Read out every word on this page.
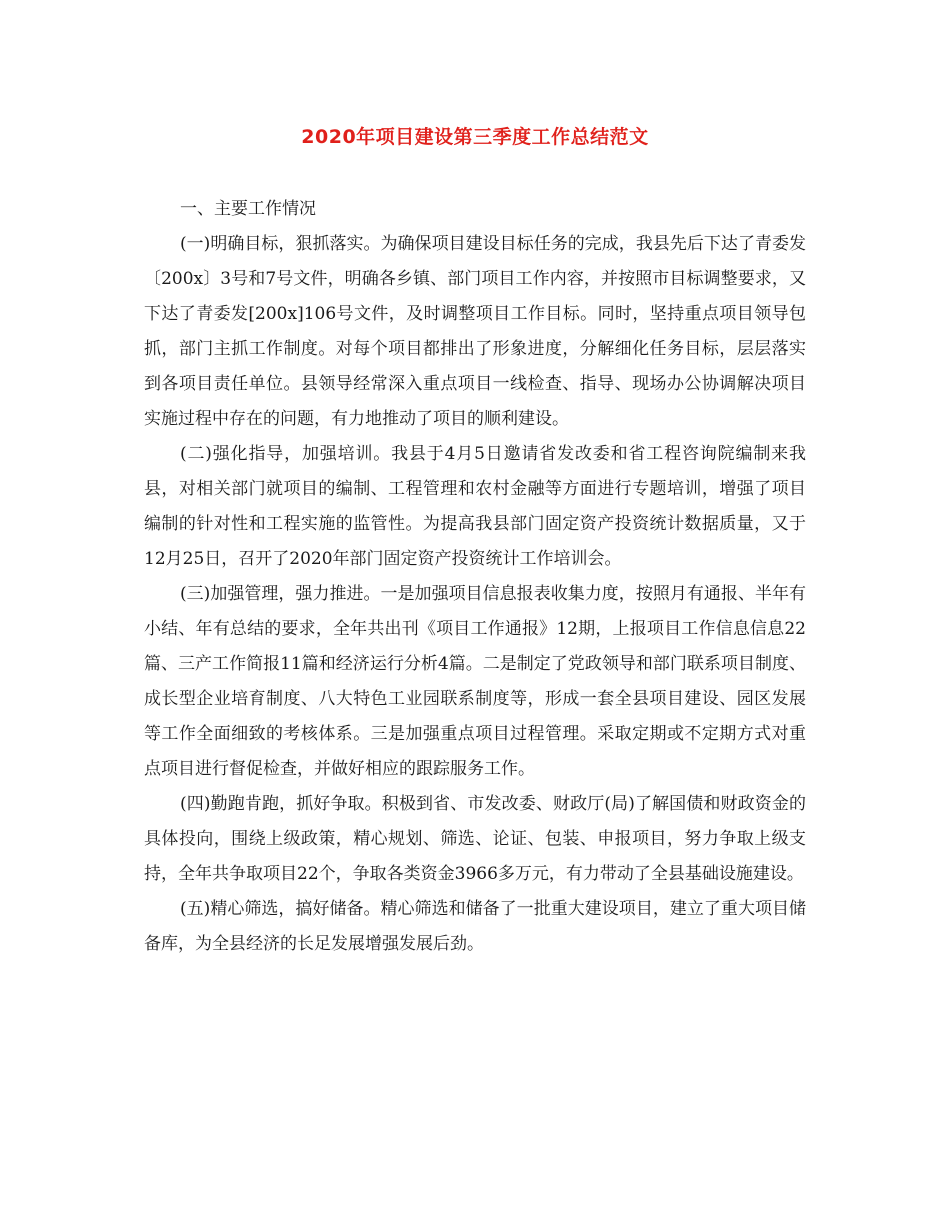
2020年项目建设第三季度工作总结范文

一、主要工作情况

(一)明确目标，狠抓落实。为确保项目建设目标任务的完成，我县先后下达了青委发〔200x〕3号和7号文件，明确各乡镇、部门项目工作内容，并按照市目标调整要求，又下达了青委发[200x]106号文件，及时调整项目工作目标。同时，坚持重点项目领导包抓，部门主抓工作制度。对每个项目都排出了形象进度，分解细化任务目标，层层落实到各项目责任单位。县领导经常深入重点项目一线检查、指导、现场办公协调解决项目实施过程中存在的问题，有力地推动了项目的顺利建设。

(二)强化指导，加强培训。我县于4月5日邀请省发改委和省工程咨询院编制来我县，对相关部门就项目的编制、工程管理和农村金融等方面进行专题培训，增强了项目编制的针对性和工程实施的监管性。为提高我县部门固定资产投资统计数据质量，又于12月25日，召开了2020年部门固定资产投资统计工作培训会。

(三)加强管理，强力推进。一是加强项目信息报表收集力度，按照月有通报、半年有小结、年有总结的要求，全年共出刊《项目工作通报》12期，上报项目工作信息信息22篇、三产工作简报11篇和经济运行分析4篇。二是制定了党政领导和部门联系项目制度、成长型企业培育制度、八大特色工业园联系制度等，形成一套全县项目建设、园区发展等工作全面细致的考核体系。三是加强重点项目过程管理。采取定期或不定期方式对重点项目进行督促检查，并做好相应的跟踪服务工作。

(四)勤跑肯跑，抓好争取。积极到省、市发改委、财政厅(局)了解国债和财政资金的具体投向，围绕上级政策，精心规划、筛选、论证、包装、申报项目，努力争取上级支持，全年共争取项目22个，争取各类资金3966多万元，有力带动了全县基础设施建设。

(五)精心筛选，搞好储备。精心筛选和储备了一批重大建设项目，建立了重大项目储备库，为全县经济的长足发展增强发展后劲。
